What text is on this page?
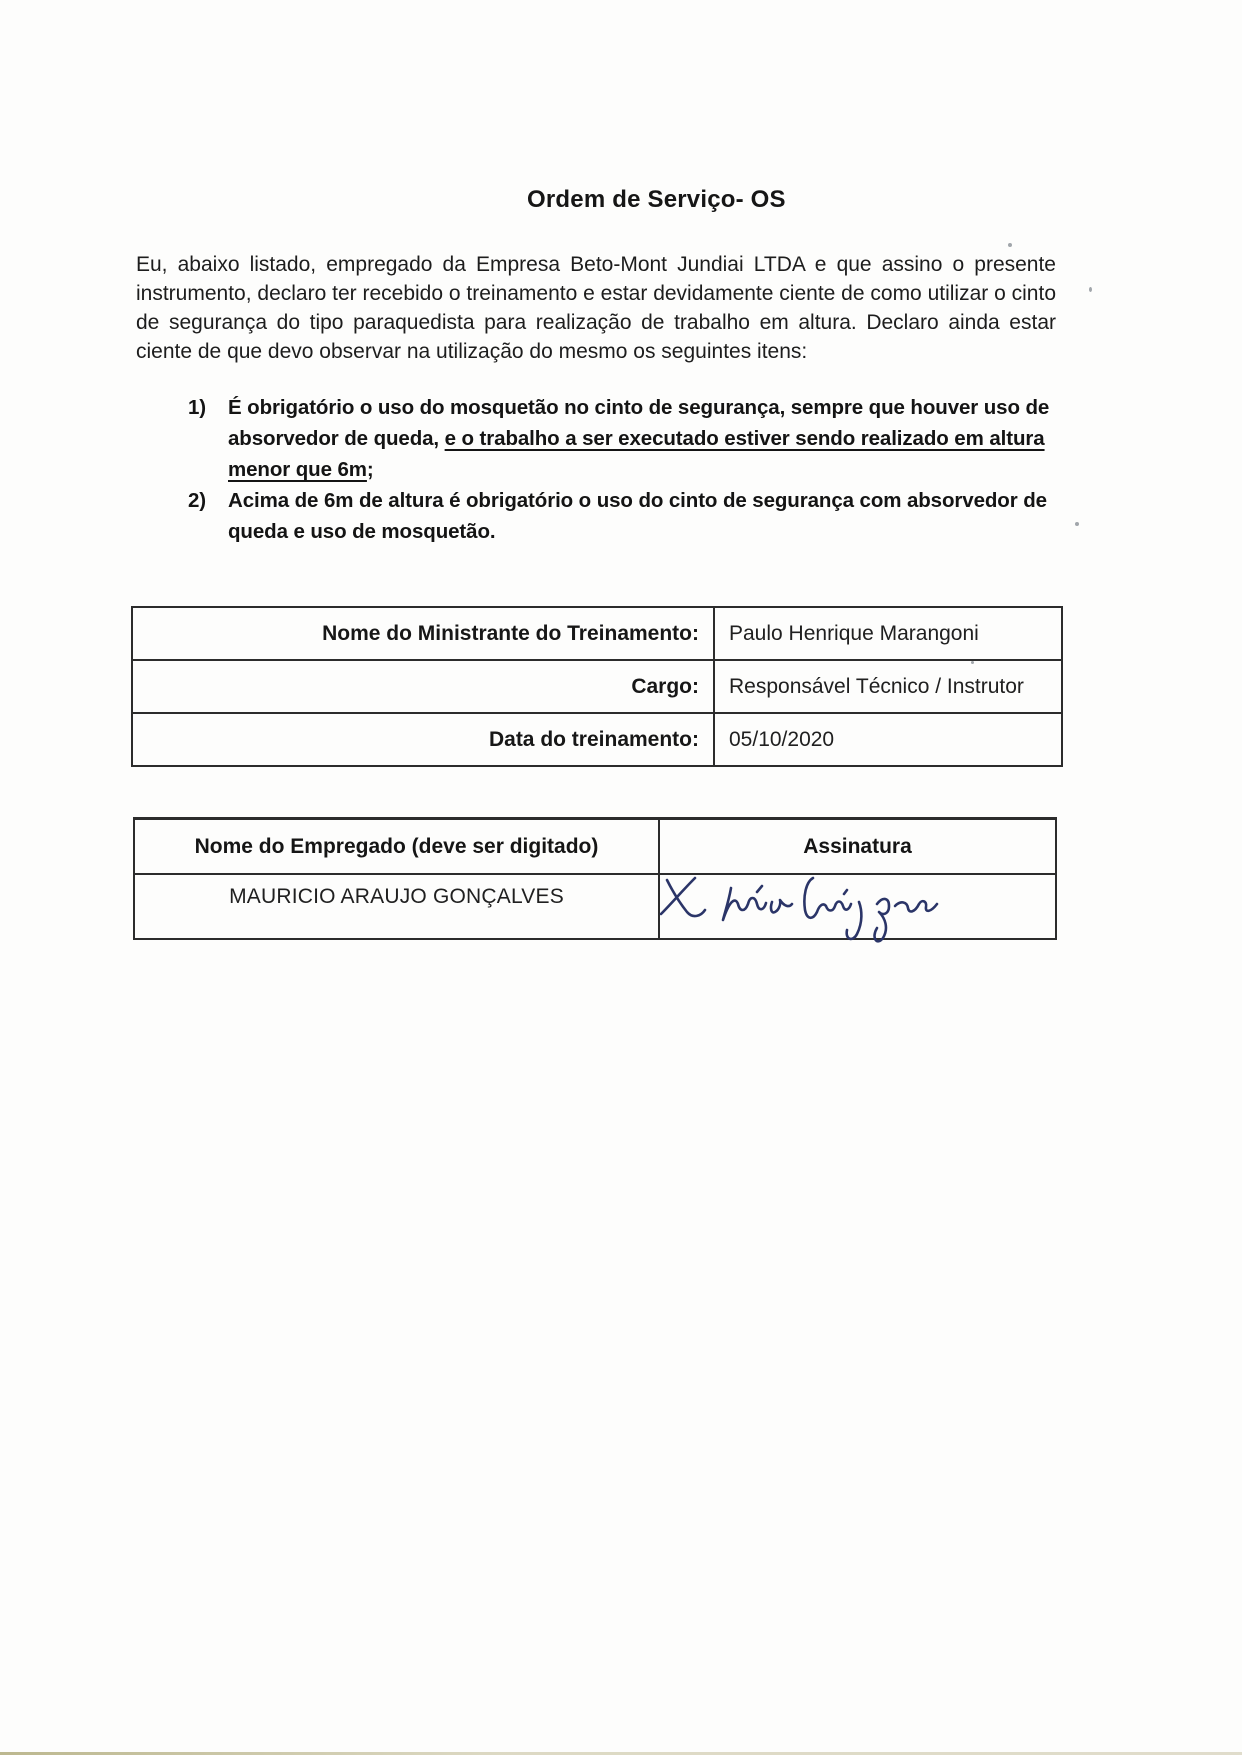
Ordem de Serviço- OS

Eu, abaixo listado, empregado da Empresa Beto-Mont Jundiai LTDA e que assino o presente instrumento, declaro ter recebido o treinamento e estar devidamente ciente de como utilizar o cinto de segurança do tipo paraquedista para realização de trabalho em altura. Declaro ainda estar ciente de que devo observar na utilização do mesmo os seguintes itens:

1)	É obrigatório o uso do mosquetão no cinto de segurança, sempre que houver uso de absorvedor de queda, e o trabalho a ser executado estiver sendo realizado em altura menor que 6m;
2)	Acima de 6m de altura é obrigatório o uso do cinto de segurança com absorvedor de queda e uso de mosquetão.
Nome do Ministrante do Treinamento:	Paulo Henrique Marangoni
Cargo:	Responsável Técnico / Instrutor
Data do treinamento:	05/10/2020
Nome do Empregado (deve ser digitado)	Assinatura
MAURICIO ARAUJO GONÇALVES
